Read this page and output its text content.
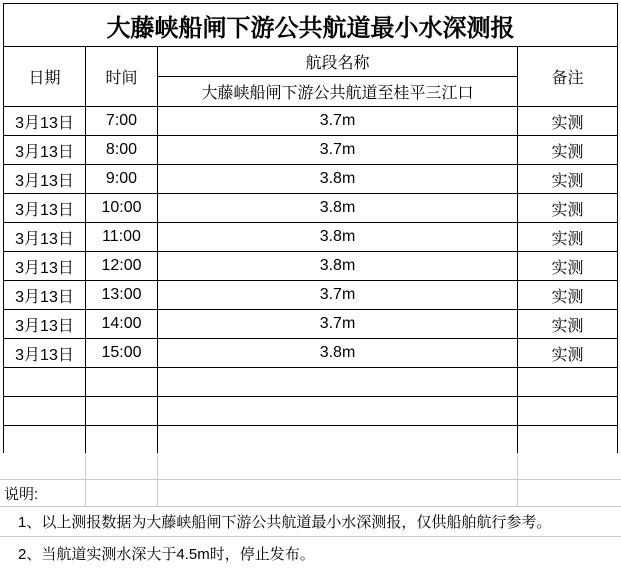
大藤峡船闸下游公共航道最小水深测报			
日期	时间	航段名称	备注
		大藤峡船闸下游公共航道至桂平三江口	
3月13日	7:00	3.7m	实测
3月13日	8:00	3.7m	实测
3月13日	9:00	3.8m	实测
3月13日	10:00	3.8m	实测
3月13日	11:00	3.8m	实测
3月13日	12:00	3.8m	实测
3月13日	13:00	3.7m	实测
3月13日	14:00	3.7m	实测
3月13日	15:00	3.8m	实测

说明:
1、以上测报数据为大藤峡船闸下游公共航道最小水深测报，仅供船舶航行参考。
2、当航道实测水深大于4.5m时，停止发布。
